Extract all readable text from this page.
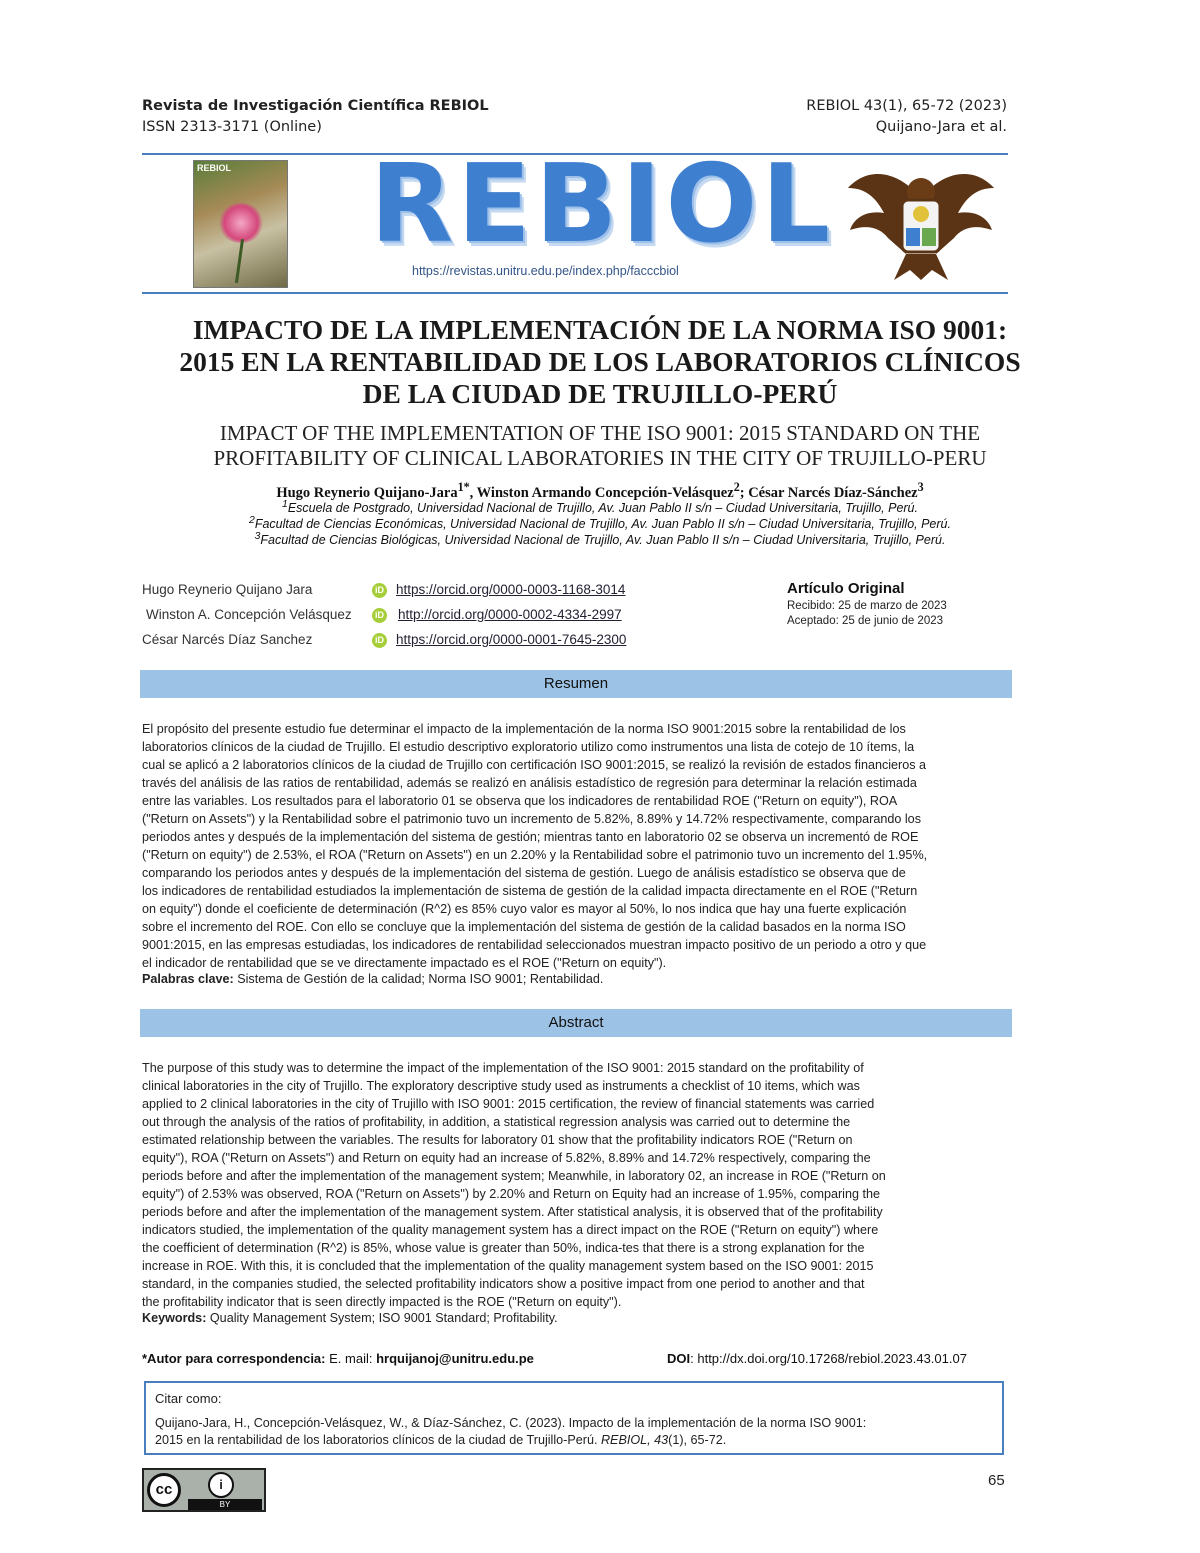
Revista de Investigación Científica REBIOL
ISSN 2313-3171 (Online)
REBIOL 43(1), 65-72 (2023)
Quijano-Jara et al.
REBIOL REBIOL
https://revistas.unitru.edu.pe/index.php/facccbiol
IMPACTO DE LA IMPLEMENTACIÓN DE LA NORMA ISO 9001:
2015 EN LA RENTABILIDAD DE LOS LABORATORIOS CLÍNICOS
DE LA CIUDAD DE TRUJILLO-PERÚ
IMPACT OF THE IMPLEMENTATION OF THE ISO 9001: 2015 STANDARD ON THE
PROFITABILITY OF CLINICAL LABORATORIES IN THE CITY OF TRUJILLO-PERU
Hugo Reynerio Quijano-Jara$^{1*}$, Winston Armando Concepción-Velásquez$^2$; César Narcés Díaz-Sánchez$^3$
$^1$Escuela de Postgrado, Universidad Nacional de Trujillo, Av. Juan Pablo II s/n – Ciudad Universitaria, Trujillo, Perú.
$^2$Facultad de Ciencias Económicas, Universidad Nacional de Trujillo, Av. Juan Pablo II s/n – Ciudad Universitaria, Trujillo, Perú.
$^3$Facultad de Ciencias Biológicas, Universidad Nacional de Trujillo, Av. Juan Pablo II s/n – Ciudad Universitaria, Trujillo, Perú.
Hugo Reynerio Quijano Jara	iD https://orcid.org/0000-0003-1168-3014
Winston A. Concepción Velásquez	iD http://orcid.org/0000-0002-4334-2997
César Narcés Díaz Sanchez	iD https://orcid.org/0000-0001-7645-2300
Artículo Original
Recibido: 25 de marzo de 2023
Aceptado: 25 de junio de 2023
Resumen
El propósito del presente estudio fue determinar el impacto de la implementación de la norma ISO 9001:2015 sobre la rentabilidad de los
laboratorios clínicos de la ciudad de Trujillo. El estudio descriptivo exploratorio utilizo como instrumentos una lista de cotejo de 10 ítems, la
cual se aplicó a 2 laboratorios clínicos de la ciudad de Trujillo con certificación ISO 9001:2015, se realizó la revisión de estados financieros a
través del análisis de las ratios de rentabilidad, además se realizó en análisis estadístico de regresión para determinar la relación estimada
entre las variables. Los resultados para el laboratorio 01 se observa que los indicadores de rentabilidad ROE ("Return on equity"), ROA
("Return on Assets") y la Rentabilidad sobre el patrimonio tuvo un incremento de 5.82%, 8.89% y 14.72% respectivamente, comparando los
periodos antes y después de la implementación del sistema de gestión; mientras tanto en laboratorio 02 se observa un incrementó de ROE
("Return on equity") de 2.53%, el ROA ("Return on Assets") en un 2.20% y la Rentabilidad sobre el patrimonio tuvo un incremento del 1.95%,
comparando los periodos antes y después de la implementación del sistema de gestión. Luego de análisis estadístico se observa que de
los indicadores de rentabilidad estudiados la implementación de sistema de gestión de la calidad impacta directamente en el ROE ("Return
on equity") donde el coeficiente de determinación (R^2) es 85% cuyo valor es mayor al 50%, lo nos indica que hay una fuerte explicación
sobre el incremento del ROE. Con ello se concluye que la implementación del sistema de gestión de la calidad basados en la norma ISO
9001:2015, en las empresas estudiadas, los indicadores de rentabilidad seleccionados muestran impacto positivo de un periodo a otro y que
el indicador de rentabilidad que se ve directamente impactado es el ROE ("Return on equity").
Palabras clave: Sistema de Gestión de la calidad; Norma ISO 9001; Rentabilidad.
Abstract
The purpose of this study was to determine the impact of the implementation of the ISO 9001: 2015 standard on the profitability of
clinical laboratories in the city of Trujillo. The exploratory descriptive study used as instruments a checklist of 10 items, which was
applied to 2 clinical laboratories in the city of Trujillo with ISO 9001: 2015 certification, the review of financial statements was carried
out through the analysis of the ratios of profitability, in addition, a statistical regression analysis was carried out to determine the
estimated relationship between the variables. The results for laboratory 01 show that the profitability indicators ROE ("Return on
equity"), ROA ("Return on Assets") and Return on equity had an increase of 5.82%, 8.89% and 14.72% respectively, comparing the
periods before and after the implementation of the management system; Meanwhile, in laboratory 02, an increase in ROE ("Return on
equity") of 2.53% was observed, ROA ("Return on Assets") by 2.20% and Return on Equity had an increase of 1.95%, comparing the
periods before and after the implementation of the management system. After statistical analysis, it is observed that of the profitability
indicators studied, the implementation of the quality management system has a direct impact on the ROE ("Return on equity") where
the coefficient of determination (R^2) is 85%, whose value is greater than 50%, indica-tes that there is a strong explanation for the
increase in ROE. With this, it is concluded that the implementation of the quality management system based on the ISO 9001: 2015
standard, in the companies studied, the selected profitability indicators show a positive impact from one period to another and that
the profitability indicator that is seen directly impacted is the ROE ("Return on equity").
Keywords: Quality Management System; ISO 9001 Standard; Profitability.
*Autor para correspondencia: E. mail: hrquijanoj@unitru.edu.pe	DOI: http://dx.doi.org/10.17268/rebiol.2023.43.01.07
Citar como:
Quijano-Jara, H., Concepción-Velásquez, W., & Díaz-Sánchez, C. (2023). Impacto de la implementación de la norma ISO 9001:
2015 en la rentabilidad de los laboratorios clínicos de la ciudad de Trujillo-Perú. REBIOL, 43(1), 65-72.
cc	i
BY
65
